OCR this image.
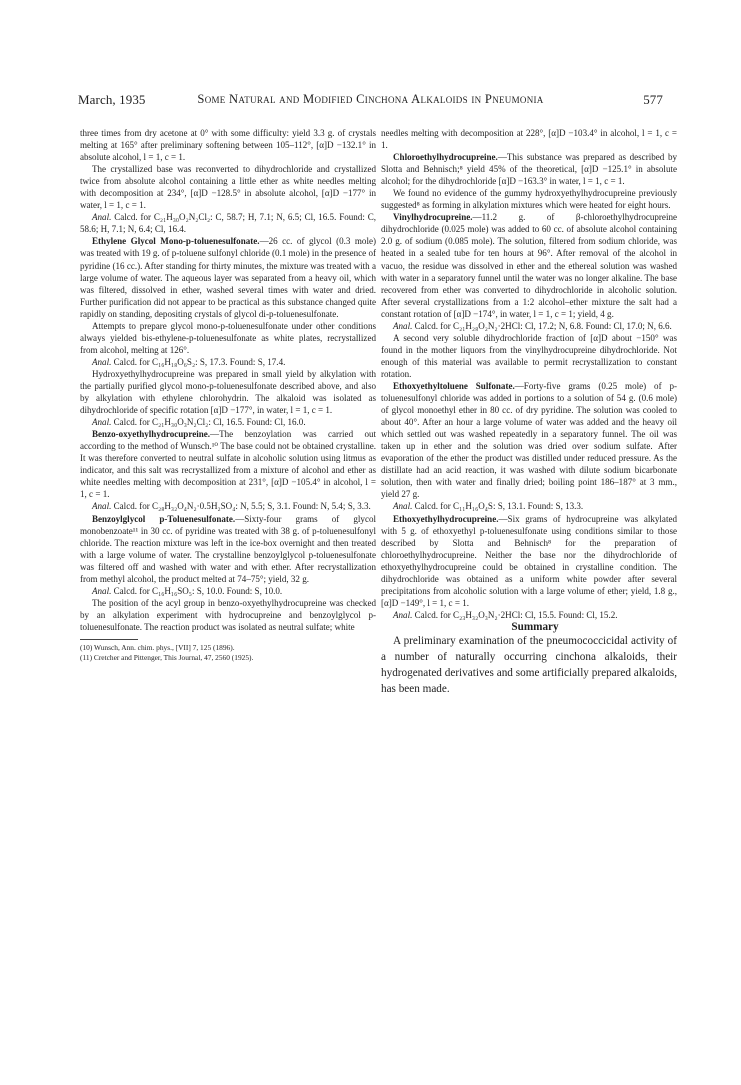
March, 1935	Some Natural and Modified Cinchona Alkaloids in Pneumonia	577

three times from dry acetone at 0° with some difficulty: yield 3.3 g. of crystals melting at 165° after preliminary softening between 105–112°, [α]D −132.1° in absolute alcohol, l = 1, c = 1.

The crystallized base was reconverted to dihydrochloride and crystallized twice from absolute alcohol containing a little ether as white needles melting with decomposition at 234°, [α]D −128.5° in absolute alcohol, [α]D −177° in water, l = 1, c = 1.

Anal. Calcd. for C₂₁H₃₀O₂N₂Cl₂: C, 58.7; H, 7.1; N, 6.5; Cl, 16.5. Found: C, 58.6; H, 7.1; N, 6.4; Cl, 16.4.

Ethylene Glycol Mono-p-toluenesulfonate.—26 cc. of glycol (0.3 mole) was treated with 19 g. of p-toluene sulfonyl chloride (0.1 mole) in the presence of pyridine (16 cc.). After standing for thirty minutes, the mixture was treated with a large volume of water. The aqueous layer was separated from a heavy oil, which was filtered, dissolved in ether, washed several times with water and dried. Further purification did not appear to be practical as this substance changed quite rapidly on standing, depositing crystals of glycol di-p-toluenesulfonate.

Attempts to prepare glycol mono-p-toluenesulfonate under other conditions always yielded bis-ethylene-p-toluenesulfonate as white plates, recrystallized from alcohol, melting at 126°.

Anal. Calcd. for C₁₆H₁₈O₆S₂: S, 17.3. Found: S, 17.4.

Hydroxyethylhydrocupreine was prepared in small yield by alkylation with the partially purified glycol mono-p-toluenesulfonate described above, and also by alkylation with ethylene chlorohydrin. The alkaloid was isolated as dihydrochloride of specific rotation [α]D −177°, in water, l = 1, c = 1.

Anal. Calcd. for C₂₁H₃₀O₃N₂Cl₂: Cl, 16.5. Found: Cl, 16.0.

Benzo-oxyethylhydrocupreine.—The benzoylation was carried out according to the method of Wunsch.¹⁰ The base could not be obtained crystalline. It was therefore converted to neutral sulfate in alcoholic solution using litmus as indicator, and this salt was recrystallized from a mixture of alcohol and ether as white needles melting with decomposition at 231°, [α]D −105.4° in alcohol, l = 1, c = 1.

Anal. Calcd. for C₂₈H₃₂O₄N₂·0.5H₂SO₄: N, 5.5; S, 3.1. Found: N, 5.4; S, 3.3.

Benzoylglycol p-Toluenesulfonate.—Sixty-four grams of glycol monobenzoate¹¹ in 30 cc. of pyridine was treated with 38 g. of p-toluenesulfonyl chloride. The reaction mixture was left in the ice-box overnight and then treated with a large volume of water. The crystalline benzoylglycol p-toluenesulfonate was filtered off and washed with water and with ether. After recrystallization from methyl alcohol, the product melted at 74–75°; yield, 32 g.

Anal. Calcd. for C₁₆H₁₆SO₅: S, 10.0. Found: S, 10.0.

The position of the acyl group in benzo-oxyethylhydrocupreine was checked by an alkylation experiment with hydrocupreine and benzoylglycol p-toluenesulfonate. The reaction product was isolated as neutral sulfate; white

(10) Wunsch, Ann. chim. phys., [VII] 7, 125 (1896).

(11) Cretcher and Pittenger, This Journal, 47, 2560 (1925).

needles melting with decomposition at 228°, [α]D −103.4° in alcohol, l = 1, c = 1.

Chloroethylhydrocupreine.—This substance was prepared as described by Slotta and Behnisch;⁸ yield 45% of the theoretical, [α]D −125.1° in absolute alcohol; for the dihydrochloride [α]D −163.3° in water, l = 1, c = 1.

We found no evidence of the gummy hydroxyethylhydrocupreine previously suggested⁸ as forming in alkylation mixtures which were heated for eight hours.

Vinylhydrocupreine.—11.2 g. of β-chloroethylhydrocupreine dihydrochloride (0.025 mole) was added to 60 cc. of absolute alcohol containing 2.0 g. of sodium (0.085 mole). The solution, filtered from sodium chloride, was heated in a sealed tube for ten hours at 96°. After removal of the alcohol in vacuo, the residue was dissolved in ether and the ethereal solution was washed with water in a separatory funnel until the water was no longer alkaline. The base recovered from ether was converted to dihydrochloride in alcoholic solution. After several crystallizations from a 1:2 alcohol–ether mixture the salt had a constant rotation of [α]D −174°, in water, l = 1, c = 1; yield, 4 g.

Anal. Calcd. for C₂₁H₂₈O₂N₂·2HCl: Cl, 17.2; N, 6.8. Found: Cl, 17.0; N, 6.6.

A second very soluble dihydrochloride fraction of [α]D about −150° was found in the mother liquors from the vinylhydrocupreine dihydrochloride. Not enough of this material was available to permit recrystallization to constant rotation.

Ethoxyethyltoluene Sulfonate.—Forty-five grams (0.25 mole) of p-toluenesulfonyl chloride was added in portions to a solution of 54 g. (0.6 mole) of glycol monoethyl ether in 80 cc. of dry pyridine. The solution was cooled to about 40°. After an hour a large volume of water was added and the heavy oil which settled out was washed repeatedly in a separatory funnel. The oil was taken up in ether and the solution was dried over sodium sulfate. After evaporation of the ether the product was distilled under reduced pressure. As the distillate had an acid reaction, it was washed with dilute sodium bicarbonate solution, then with water and finally dried; boiling point 186–187° at 3 mm., yield 27 g.

Anal. Calcd. for C₁₁H₁₆O₄S: S, 13.1. Found: S, 13.3.

Ethoxyethylhydrocupreine.—Six grams of hydrocupreine was alkylated with 5 g. of ethoxyethyl p-toluenesulfonate using conditions similar to those described by Slotta and Behnisch⁸ for the preparation of chloroethylhydrocupreine. Neither the base nor the dihydrochloride of ethoxyethylhydrocupreine could be obtained in crystalline condition. The dihydrochloride was obtained as a uniform white powder after several precipitations from alcoholic solution with a large volume of ether; yield, 1.8 g., [α]D −149°, l = 1, c = 1.

Anal. Calcd. for C₂₃H₃₂O₃N₂·2HCl: Cl, 15.5. Found: Cl, 15.2.

Summary

A preliminary examination of the pneumococcicidal activity of a number of naturally occurring cinchona alkaloids, their hydrogenated derivatives and some artificially prepared alkaloids, has been made.
